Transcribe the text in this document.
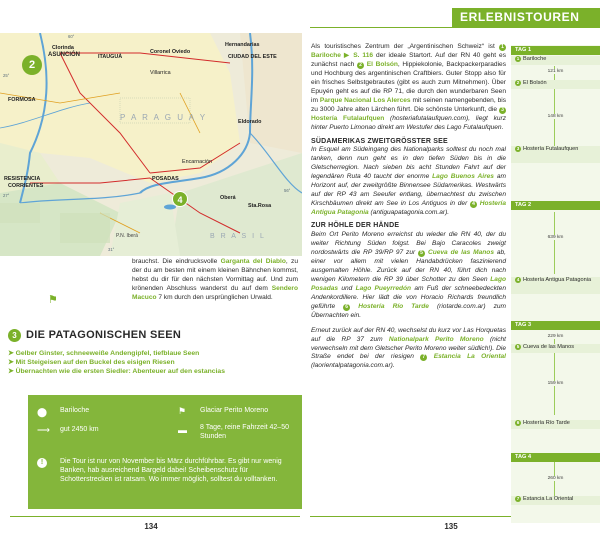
ERLEBNISTOUREN
Clorinda
ASUNCIÓN	ITAUGUÁ
Coronel Oviedo
Hernandarias
CIUDAD DEL ESTE
Villarrica
FORMOSA
Eldorado
Encarnación
POSADAS
RESISTENCIA
CORRIENTES
Oberá
Sta.Rosa
P.N. Iberá
P A R A G U A Y
B R A S I L
25°
60°
56°
31°
27°
2
4
brauchst. Die eindrucksvolle Garganta del Diablo, zu der du am besten mit einem kleinen Bähnchen kommst, hebst du dir für den nächsten Vormittag auf. Und zum krönenden Abschluss wanderst du auf dem Sendero Macuco 7 km durch den ursprünglichen Urwald.
⚑
3 DIE PATAGONISCHEN SEEN
➤ Gelber Ginster, schneeweiße Andengipfel, tiefblaue Seen
➤ Mit Steigeisen auf den Buckel des eisigen Riesen
➤ Übernachten wie die ersten Siedler: Abenteuer auf den estancias
⬤ Bariloche	⚑ Glaciar Perito Moreno
⟶ gut 2450 km	▬ 8 Tage, reine Fahrzeit 42–50 Stunden
!	Die Tour ist nur von November bis März durchführbar. Es gibt nur wenig Banken, hab ausreichend Bargeld dabei! Scheibenschutz für Schotterstrecken ist ratsam. Wo immer möglich, solltest du volltanken.
134
Als touristisches Zentrum der „Argentinischen Schweiz“ ist 1 Bariloche ▶ S. 116 der ideale Startort. Auf der RN 40 geht es zunächst nach 2 El Bolsón, Hippiekolonie, Backpackerparadies und Hochburg des argentinischen Craftbiers. Guter Stopp also für ein frisches Selbstgebrautes (gibt es auch zum Mitnehmen). Über Epuyén geht es auf die RP 71, die durch den wunderbaren Seen im Parque Nacional Los Alerces mit seinen namengebenden, bis zu 3000 Jahre alten Lärchen führt. Die schönste Unterkunft, die 3 Hostería Futalaufquen (hosteriafutalaufquen.com), liegt kurz hinter Puerto Limonao direkt am Westufer des Lago Futalaufquen.
SÜDAMERIKAS ZWEITGRÖSSTER SEE
In Esquel am Südeingang des Nationalparks solltest du noch mal tanken, denn nun geht es in den tiefen Süden bis in die Gletscherregion. Nach sieben bis acht Stunden Fahrt auf der legendären Ruta 40 taucht der enorme Lago Buenos Aires am Horizont auf, der zweitgrößte Binnensee Südamerikas. Westwärts auf der RP 43 am Seeufer entlang, übernachtest du zwischen Kirschbäumen direkt am See in Los Antiguos in der 4 Hostería Antigua Patagonia (antiguapatagonia.com.ar).
ZUR HÖHLE DER HÄNDE
Beim Ort Perito Moreno erreichst du wieder die RN 40, der du weiter Richtung Süden folgst. Bei Bajo Caracoles zweigt nordostwärts die RP 39/RP 97 zur 5 Cueva de las Manos ab, einer vor allem mit vielen Handabdrücken faszinierend ausgemalten Höhle. Zurück auf der RN 40, führt dich nach wenigen Kilometern die RP 39 über Schotter zu den Seen Lago Posadas und Lago Pueyrredón am Fuß der schneebedeckten Andenkordillere. Hier lädt die von Horacio Richards freundlich geführte 6 Hostería Río Tarde (riotarde.com.ar) zum Übernachten ein.
Erneut zurück auf der RN 40, wechselst du kurz vor Las Horquetas auf die RP 37 zum Nationalpark Perito Moreno (nicht verwechseln mit dem Gletscher Perito Moreno weiter südlich!). Die Straße endet bei der riesigen 7 Estancia La Oriental (laorientalpatagonia.com.ar).
135
TAG 1
1 Bariloche
121 km
2 El Bolsón
148 km
3 Hostería Futalaufquen
TAG 2
639 km
4 Hostería Antigua Patagonia
TAG 3
229 km
5 Cueva de las Manos
159 km
6 Hostería Río Tarde
TAG 4
260 km
7 Estancia La Oriental
